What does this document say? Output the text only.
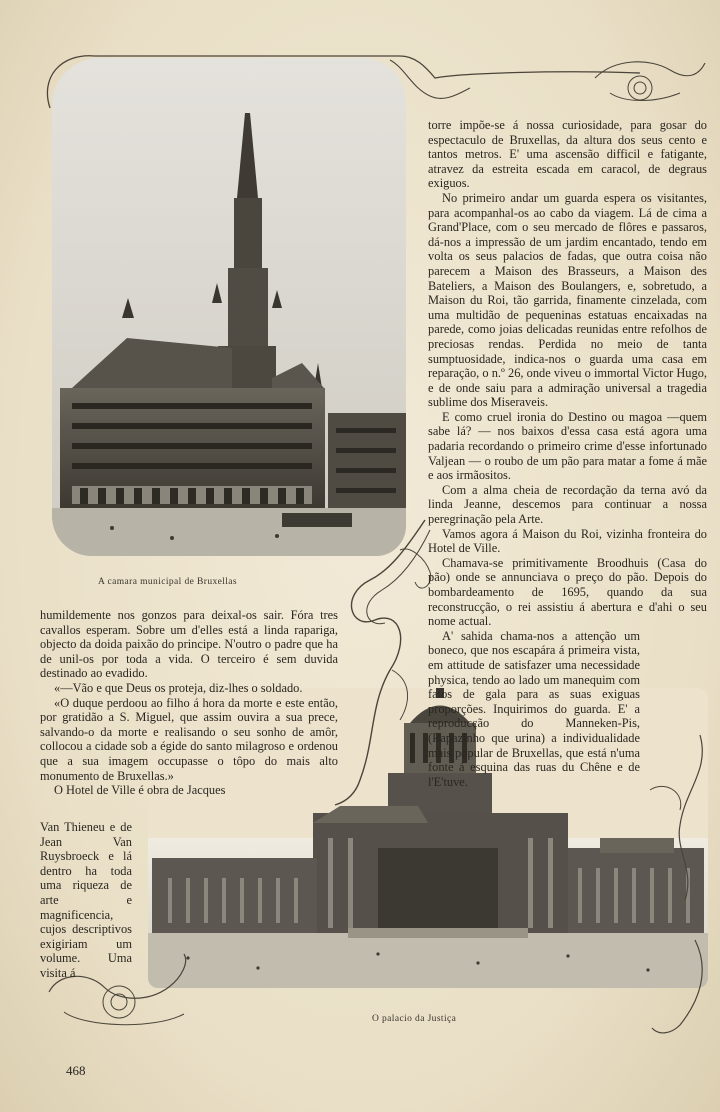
A camara municipal de Bruxellas
O palacio da Justiça

torre impõe-se á nossa curiosidade, para gosar do espectaculo de Bruxellas, da altura dos seus cento e tantos metros. E' uma ascensão difficil e fatigante, atravez da estreita escada em caracol, de degraus exiguos.

No primeiro andar um guarda espera os visitantes, para acompanhal-os ao cabo da viagem. Lá de cima a Grand'Place, com o seu mercado de flôres e passaros, dá-nos a impressão de um jardim encantado, tendo em volta os seus palacios de fadas, que outra coisa não parecem a Maison des Brasseurs, a Maison des Bateliers, a Maison des Boulangers, e, sobretudo, a Maison du Roi, tão garrida, finamente cinzelada, com uma multidão de pequeninas estatuas encaixadas na parede, como joias delicadas reunidas entre refolhos de preciosas rendas. Perdida no meio de tanta sumptuosidade, indica-nos o guarda uma casa em reparação, o n.º 26, onde viveu o immortal Victor Hugo, e de onde saiu para a admiração universal a tragedia sublime dos Miseraveis.

E como cruel ironia do Destino ou magoa —quem sabe lá? — nos baixos d'essa casa está agora uma padaria recordando o primeiro crime d'esse infortunado Valjean — o roubo de um pão para matar a fome á mãe e aos irmãositos.

Com a alma cheia de recordação da terna avó da linda Jeanne, descemos para continuar a nossa peregrinação pela Arte.

Vamos agora á Maison du Roi, vizinha fronteira do Hotel de Ville.

Chamava-se primitivamente Broodhuis (Casa do pão) onde se annunciava o preço do pão. Depois do bombardeamento de 1695, quando da sua reconstrucção, o rei assistiu á abertura e d'ahi o seu nome actual.

A' sahida chama-nos a attenção um boneco, que nos escapára á primeira vista, em attitude de satisfazer uma necessidade physica, tendo ao lado um manequim com fatos de gala para as suas exiguas proporções. Inquirimos do guarda. E' a reproducção do Manneken-Pis, (Rapazinho que urina) a individualidade mais popular de Bruxellas, que está n'uma fonte á esquina das ruas du Chêne e de l'E'tuve.

humildemente nos gonzos para deixal-os sair. Fóra tres cavallos esperam. Sobre um d'elles está a linda rapariga, objecto da doida paixão do principe. N'outro o padre que ha de unil-os por toda a vida. O terceiro é sem duvida destinado ao evadido.

«—Vão e que Deus os proteja, diz-lhes o soldado.

«O duque perdoou ao filho á hora da morte e este então, por gratidão a S. Miguel, que assim ouvira a sua prece, salvando-o da morte e realisando o seu sonho de amôr, collocou a cidade sob a égide do santo milagroso e ordenou que a sua imagem occupasse o tôpo do mais alto monumento de Bruxellas.»

O Hotel de Ville é obra de Jacques

Van Thieneu e de Jean Van Ruysbroeck e lá dentro ha toda uma riqueza de arte e magnificencia, cujos descriptivos exigiriam um volume. Uma visita á

468
